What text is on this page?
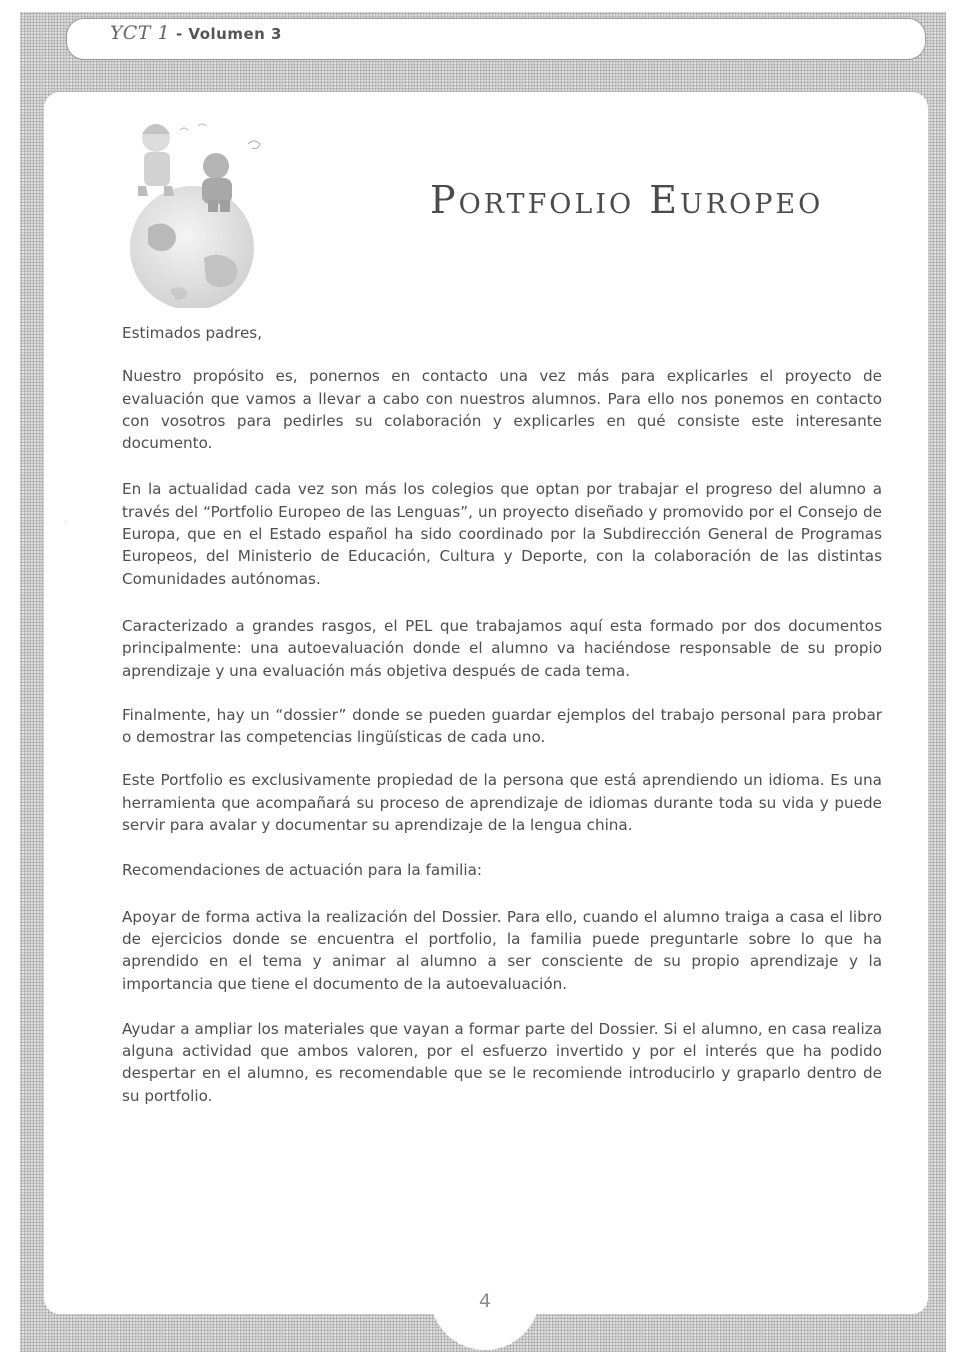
YCT 1 - Volumen 3
Portfolio Europeo
·

Estimados padres,

Nuestro propósito es, ponernos en contacto una vez más para explicarles el proyecto de evaluación que vamos a llevar a cabo con nuestros alumnos. Para ello nos ponemos en contacto con vosotros para pedirles su colaboración y explicarles en qué consiste este interesante documento.

En la actualidad cada vez son más los colegios que optan por trabajar el progreso del alumno a través del “Portfolio Europeo de las Lenguas”, un proyecto diseñado y promovido por el Consejo de Europa, que en el Estado español ha sido coordinado por la Subdirección General de Programas Europeos, del Ministerio de Educación, Cultura y Deporte, con la colaboración de las distintas Comunidades autónomas.

Caracterizado a grandes rasgos, el PEL que trabajamos aquí esta formado por dos documentos principalmente: una autoevaluación donde el alumno va haciéndose responsable de su propio aprendizaje y una evaluación más objetiva después de cada tema.

Finalmente, hay un “dossier” donde se pueden guardar ejemplos del trabajo personal para probar o demostrar las competencias lingüísticas de cada uno.

Este Portfolio es exclusivamente propiedad de la persona que está aprendiendo un idioma. Es una herramienta que acompañará su proceso de aprendizaje de idiomas durante toda su vida y puede servir para avalar y documentar su aprendizaje de la lengua china.

Recomendaciones de actuación para la familia:

Apoyar de forma activa la realización del Dossier. Para ello, cuando el alumno traiga a casa el libro de ejercicios donde se encuentra el portfolio, la familia puede preguntarle sobre lo que ha aprendido en el tema y animar al alumno a ser consciente de su propio aprendizaje y la importancia que tiene el documento de la autoevaluación.

Ayudar a ampliar los materiales que vayan a formar parte del Dossier. Si el alumno, en casa realiza alguna actividad que ambos valoren, por el esfuerzo invertido y por el interés que ha podido despertar en el alumno, es recomendable que se le recomiende introducirlo y graparlo dentro de su portfolio.

4
